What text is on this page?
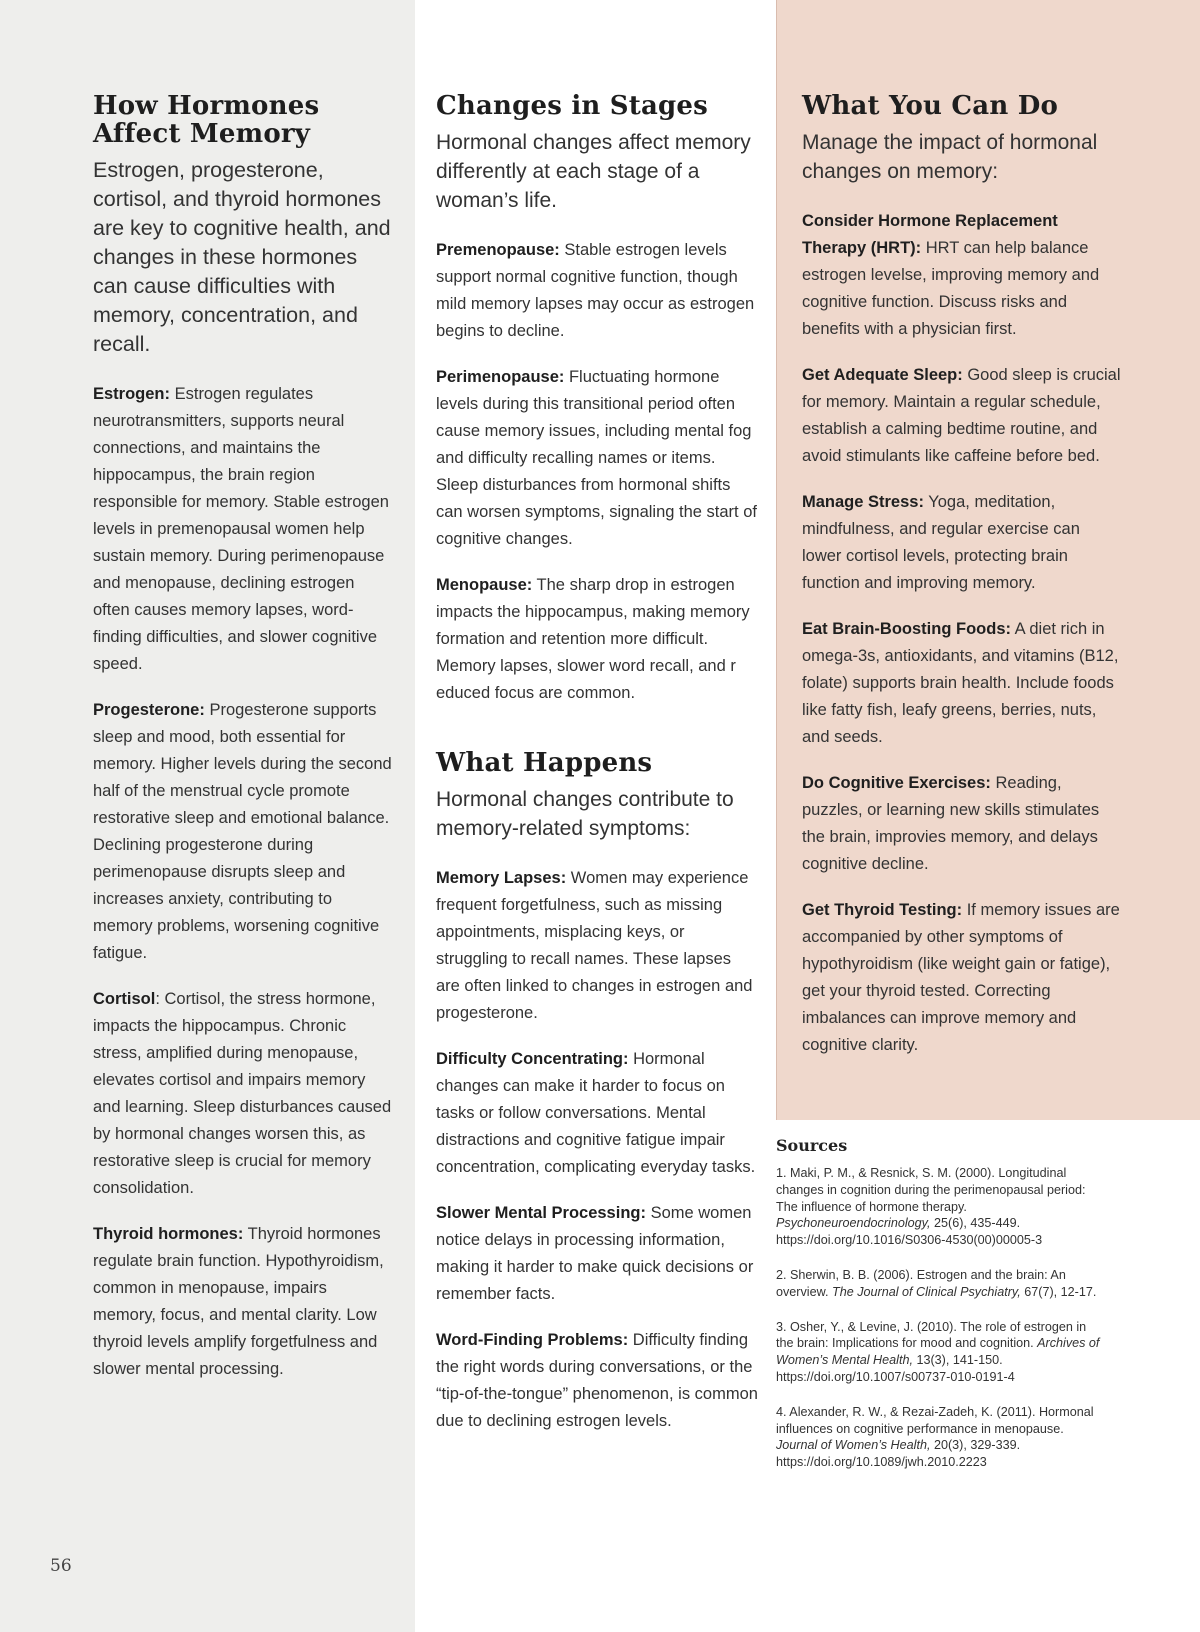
How Hormones
Affect Memory

Estrogen, progesterone, cortisol, and thyroid hormones are key to cognitive health, and changes in these hormones can cause difficulties with memory, concentration, and recall.

Estrogen: Estrogen regulates neurotransmitters, supports neural connections, and maintains the hippocampus, the brain region responsible for memory. Stable estrogen levels in premenopausal women help sustain memory. During perimenopause and menopause, declining estrogen often causes memory lapses, word-finding difficulties, and slower cognitive speed.

Progesterone: Progesterone supports sleep and mood, both essential for memory. Higher levels during the second half of the menstrual cycle promote restorative sleep and emotional balance. Declining progesterone during perimenopause disrupts sleep and increases anxiety, contributing to memory problems, worsening cognitive fatigue.

Cortisol: Cortisol, the stress hormone, impacts the hippocampus. Chronic stress, amplified during menopause, elevates cortisol and impairs memory and learning. Sleep disturbances caused by hormonal changes worsen this, as restorative sleep is crucial for memory consolidation.

Thyroid hormones: Thyroid hormones regulate brain function. Hypothyroidism, common in menopause, impairs memory, focus, and mental clarity. Low thyroid levels amplify forgetfulness and slower mental processing.

Changes in Stages

Hormonal changes affect memory differently at each stage of a woman’s life.

Premenopause: Stable estrogen levels support normal cognitive function, though mild memory lapses may occur as estrogen begins to decline.

Perimenopause: Fluctuating hormone levels during this transitional period often cause memory issues, including mental fog and difficulty recalling names or items. Sleep disturbances from hormonal shifts can worsen symptoms, signaling the start of cognitive changes.

Menopause: The sharp drop in estrogen impacts the hippocampus, making memory formation and retention more difficult. Memory lapses, slower word recall, and r educed focus are common.

What Happens

Hormonal changes contribute to memory-related symptoms:

Memory Lapses: Women may experience frequent forgetfulness, such as missing appointments, misplacing keys, or struggling to recall names. These lapses are often linked to changes in estrogen and progesterone.

Difficulty Concentrating: Hormonal changes can make it harder to focus on tasks or follow conversations. Mental distractions and cognitive fatigue impair concentration, complicating everyday tasks.

Slower Mental Processing: Some women notice delays in processing information, making it harder to make quick decisions or remember facts.

Word-Finding Problems: Difficulty finding the right words during conversations, or the “tip-of-the-tongue” phenomenon, is common due to declining estrogen levels.

What You Can Do

Manage the impact of hormonal changes on memory:

Consider Hormone Replacement Therapy (HRT): HRT can help balance estrogen levelse, improving memory and cognitive function. Discuss risks and benefits with a physician first.

Get Adequate Sleep: Good sleep is crucial for memory. Maintain a regular schedule, establish a calming bedtime routine, and avoid stimulants like caffeine before bed.

Manage Stress: Yoga, meditation, mindfulness, and regular exercise can lower cortisol levels, protecting brain function and improving memory.

Eat Brain-Boosting Foods: A diet rich in omega-3s, antioxidants, and vitamins (B12, folate) supports brain health. Include foods like fatty fish, leafy greens, berries, nuts, and seeds.

Do Cognitive Exercises: Reading, puzzles, or learning new skills stimulates the brain, improvies memory, and delays cognitive decline.

Get Thyroid Testing: If memory issues are accompanied by other symptoms of hypothyroidism (like weight gain or fatige), get your thyroid tested. Correcting imbalances can improve memory and cognitive clarity.

Sources

1. Maki, P. M., & Resnick, S. M. (2000). Longitudinal changes in cognition during the perimenopausal period: The influence of hormone therapy. Psychoneuroendocrinology, 25(6), 435-449. https://doi.org/10.1016/S0306-4530(00)00005-3

2. Sherwin, B. B. (2006). Estrogen and the brain: An overview. The Journal of Clinical Psychiatry, 67(7), 12-17.

3. Osher, Y., & Levine, J. (2010). The role of estrogen in the brain: Implications for mood and cognition. Archives of Women’s Mental Health, 13(3), 141-150. https://doi.org/10.1007/s00737-010-0191-4

4. Alexander, R. W., & Rezai-Zadeh, K. (2011). Hormonal influences on cognitive performance in menopause. Journal of Women’s Health, 20(3), 329-339. https://doi.org/10.1089/jwh.2010.2223

56
